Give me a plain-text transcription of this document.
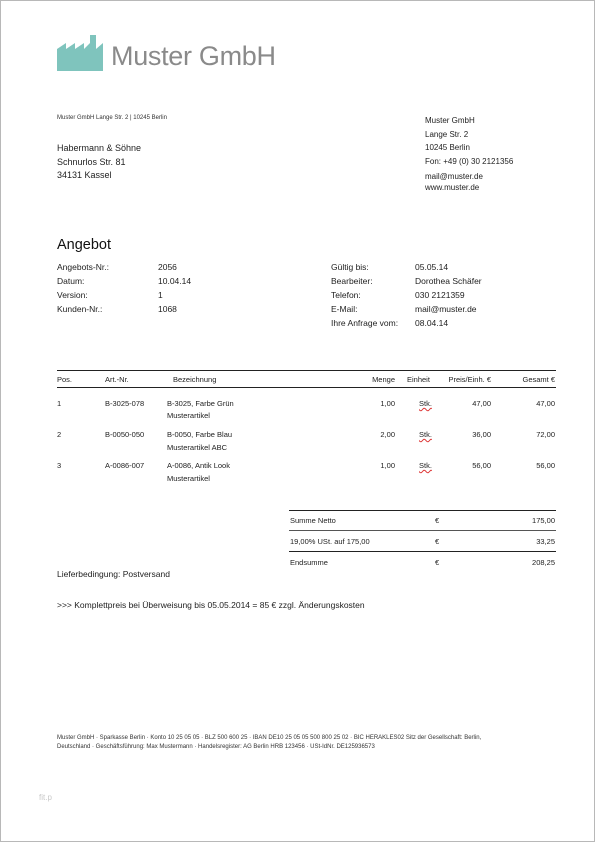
Muster GmbH
Muster GmbH Lange Str. 2 | 10245 Berlin
Habermann & Söhne
Schnurlos Str. 81
34131 Kassel
Muster GmbH
Lange Str. 2
10245 Berlin
Fon: +49 (0) 30 2121356
mail@muster.de
www.muster.de
Angebot
Angebots-Nr.:	2056
Datum:	10.04.14
Version:	1
Kunden-Nr.:	1068
Gültig bis:	05.05.14
Bearbeiter:	Dorothea Schäfer
Telefon:	030 2121359
E-Mail:	mail@muster.de
Ihre Anfrage vom: 08.04.14
Pos.	Art.-Nr.	Bezeichnung	Menge Einheit	Preis/Einh. €	Gesamt €
1	B-3025-078	B-3025, Farbe Grün
Musterartikel
1,00	Stk.	47,00	47,00
2	B-0050-050	B-0050, Farbe Blau
Musterartikel ABC
2,00	Stk.	36,00	72,00
3	A-0086-007	A-0086, Antik Look
Musterartikel
1,00	Stk.	56,00	56,00
Summe Netto	€	175,00
19,00% USt. auf 175,00	€	33,25
Endsumme	€	208,25
Lieferbedingung: Postversand
>>> Komplettpreis bei Überweisung bis 05.05.2014 = 85 € zzgl. Änderungskosten
Muster GmbH · Sparkasse Berlin · Konto 10 25 05 05 · BLZ 500 600 25 · IBAN DE10 25 05 05 500 800 25 02 · BIC HERAKLES02 Sitz der Gesellschaft: Berlin,
Deutschland · Geschäftsführung: Max Mustermann · Handelsregister: AG Berlin HRB 123456 · USt-IdNr. DE125936573
fit.p
